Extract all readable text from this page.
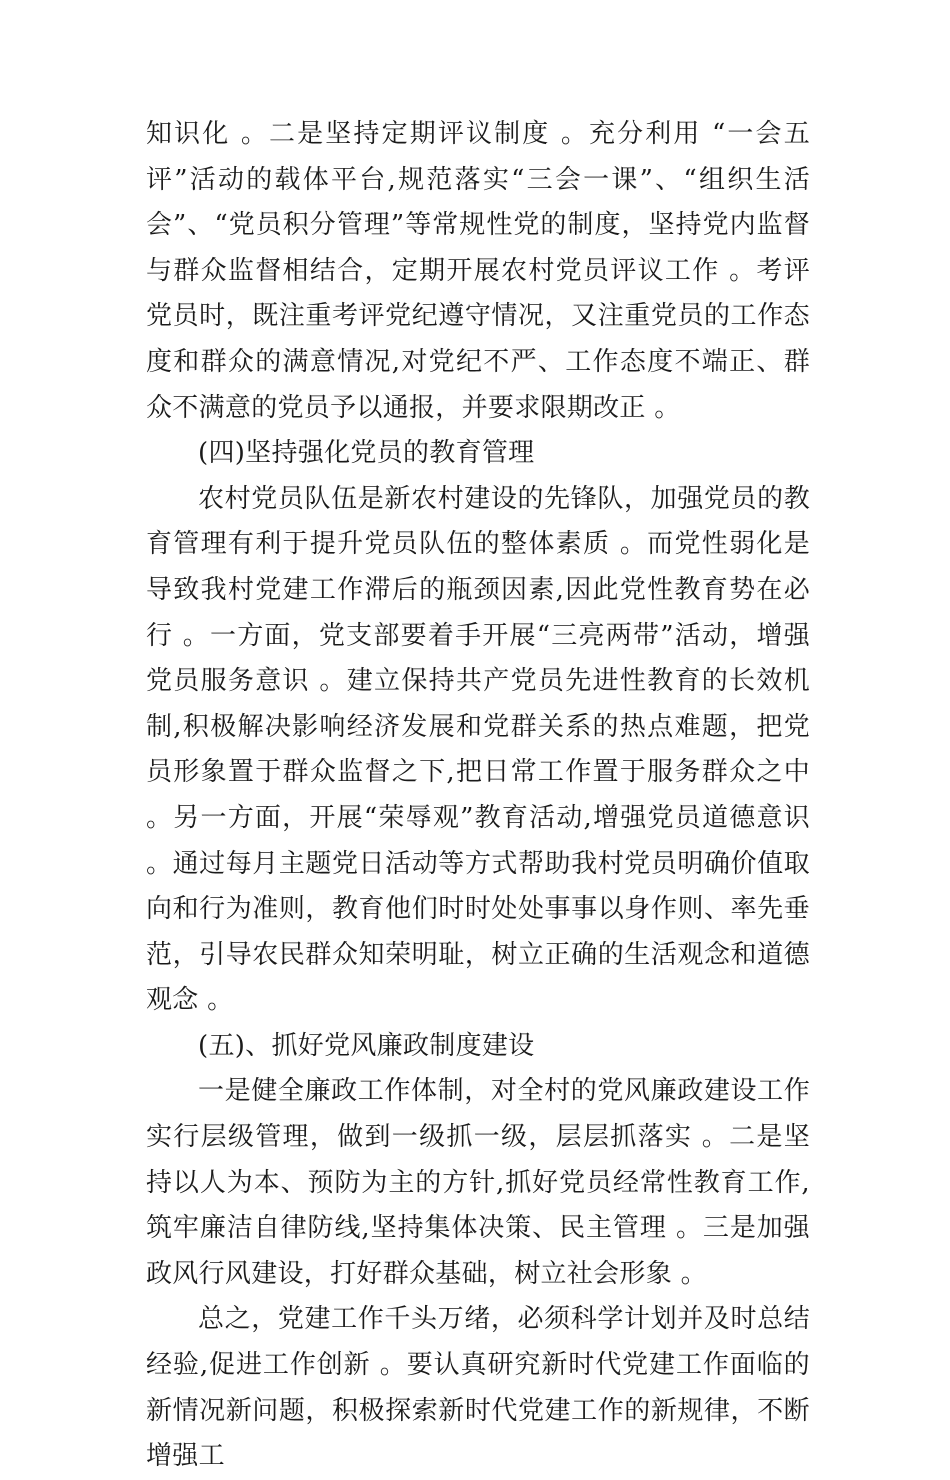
知识化 。二是坚持定期评议制度 。充分利用 “一会五评”活动的载体平台,规范落实“三会一课”、“组织生活会”、“党员积分管理”等常规性党的制度，坚持党内监督与群众监督相结合，定期开展农村党员评议工作 。考评党员时，既注重考评党纪遵守情况，又注重党员的工作态度和群众的满意情况,对党纪不严、工作态度不端正、群众不满意的党员予以通报，并要求限期改正 。

(四)坚持强化党员的教育管理

农村党员队伍是新农村建设的先锋队，加强党员的教育管理有利于提升党员队伍的整体素质 。而党性弱化是导致我村党建工作滞后的瓶颈因素,因此党性教育势在必行 。一方面，党支部要着手开展“三亮两带”活动，增强党员服务意识 。建立保持共产党员先进性教育的长效机制,积极解决影响经济发展和党群关系的热点难题，把党员形象置于群众监督之下,把日常工作置于服务群众之中 。另一方面，开展“荣辱观”教育活动,增强党员道德意识 。通过每月主题党日活动等方式帮助我村党员明确价值取向和行为准则，教育他们时时处处事事以身作则、率先垂范，引导农民群众知荣明耻，树立正确的生活观念和道德观念 。

(五)、抓好党风廉政制度建设

一是健全廉政工作体制，对全村的党风廉政建设工作实行层级管理，做到一级抓一级，层层抓落实 。二是坚持以人为本、预防为主的方针,抓好党员经常性教育工作,筑牢廉洁自律防线,坚持集体决策、民主管理 。三是加强政风行风建设，打好群众基础，树立社会形象 。

总之，党建工作千头万绪，必须科学计划并及时总结经验,促进工作创新 。要认真研究新时代党建工作面临的新情况新问题，积极探索新时代党建工作的新规律，不断增强工
